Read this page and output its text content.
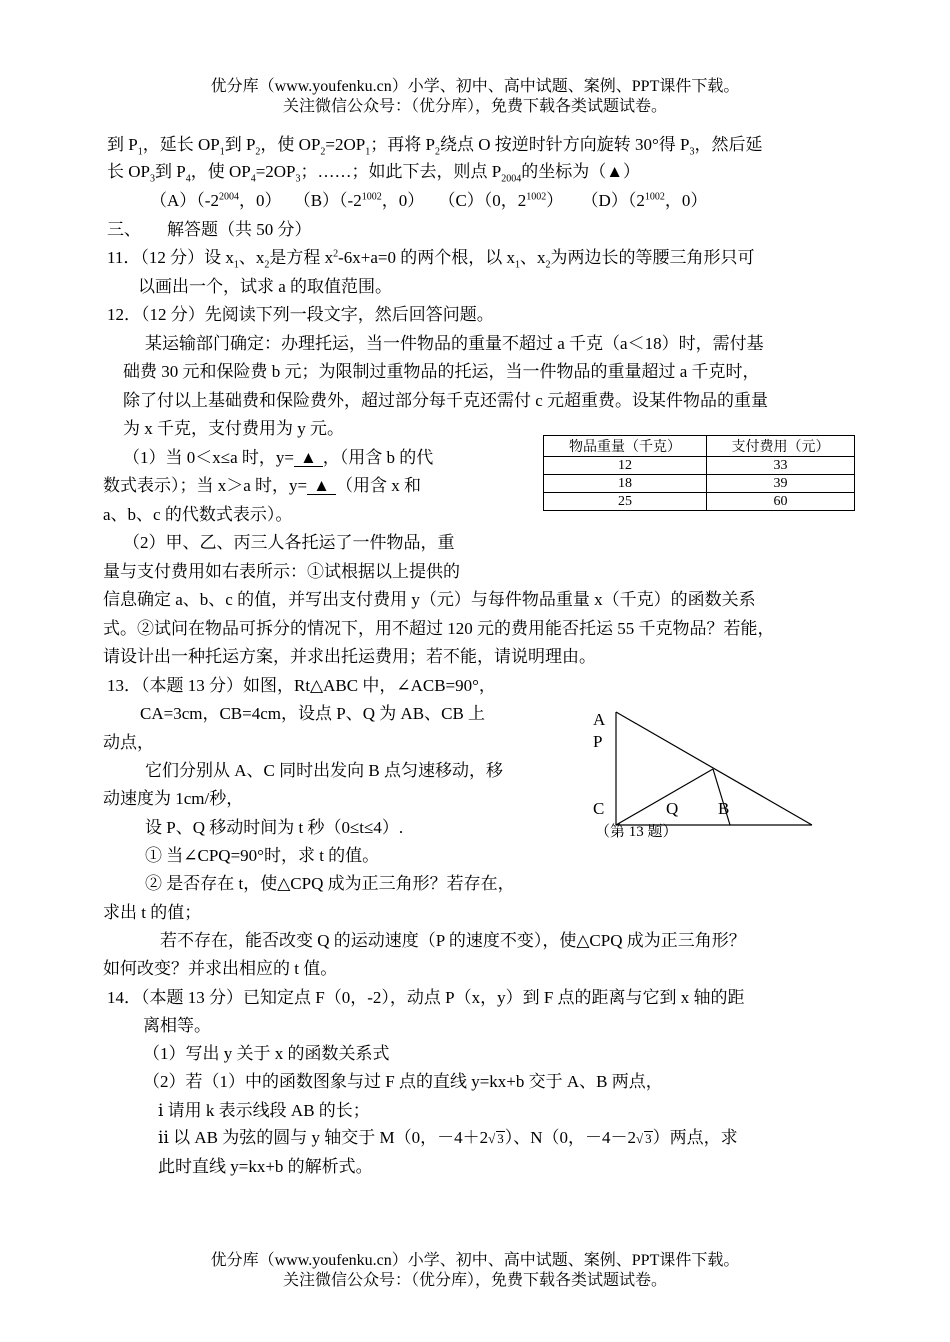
优分库（www.youfenku.cn）小学、初中、高中试题、案例、PPT课件下载。
关注微信公众号：（优分库），免费下载各类试题试卷。
到 $P_1$，延长 $OP_1$到 $P_2$，使 $OP_2=2OP_1$；再将 $P_2$绕点 O 按逆时针方向旋转 30°得 $P_3$，然后延
长 $OP_3$到 $P_4$，使 $OP_4=2OP_3$；……；如此下去，则点 $P_{2004}$的坐标为（▲）
$(A)(-2^{2004}$，0） $(B)(-2^{1002}$，0） （C）（0，$2^{1002}$） $(D)(2^{1002}$，0）
三、 解答题（共 50 分）
11．（12 分）设 $x_1$、$x_2$是方程 $x^2-6x+a=0$ 的两个根，以 $x_1$、$x_2$为两边长的等腰三角形只可
以画出一个，试求 a 的取值范围。
12．（12 分）先阅读下列一段文字，然后回答问题。
某运输部门确定：办理托运，当一件物品的重量不超过 a 千克（a＜18）时，需付基
础费 30 元和保险费 b 元；为限制过重物品的托运，当一件物品的重量超过 a 千克时，
除了付以上基础费和保险费外，超过部分每千克还需付 c 元超重费。设某件物品的重量
为 x 千克，支付费用为 y 元。
（1）当 0＜x≤a 时，y= ▲ ，（用含 b 的代
数式表示）；当 x＞a 时，y= ▲ （用含 x 和
a、b、c 的代数式表示）。
（2）甲、乙、丙三人各托运了一件物品，重
量与支付费用如右表所示：①试根据以上提供的
信息确定 a、b、c 的值，并写出支付费用 y（元）与每件物品重量 x（千克）的函数关系
式。②试问在物品可拆分的情况下，用不超过 120 元的费用能否托运 55 千克物品？若能，
请设计出一种托运方案，并求出托运费用；若不能，请说明理由。
物品重量（千克）	支付费用（元）
12	33
18	39
25	60
13．（本题 13 分）如图，Rt△ABC 中，∠ACB=90°，
CA=3cm，CB=4cm，设点 P、Q 为 AB、CB 上
动点，
它们分别从 A、C 同时出发向 B 点匀速移动，移
动速度为 1cm/秒，
设 P、Q 移动时间为 t 秒（0≤t≤4）.
① 当∠CPQ=90°时，求 t 的值。
② 是否存在 t，使△CPQ 成为正三角形？若存在，
求出 t 的值；
若不存在，能否改变 Q 的运动速度（P 的速度不变），使△CPQ 成为正三角形？
如何改变？并求出相应的 t 值。
A
P
C	Q B
（第 13 题）
14．（本题 13 分）已知定点 F（0，-2），动点 P（x，y）到 F 点的距离与它到 x 轴的距
离相等。
（1）写出 y 关于 x 的函数关系式
（2）若（1）中的函数图象与过 F 点的直线 y=kx+b 交于 A、B 两点，
ⅰ 请用 k 表示线段 AB 的长；
ⅱ 以 AB 为弦的圆与 y 轴交于 M（0，－4＋2√ 3）、N（0，－4－2√ 3）两点，求
此时直线 y=kx+b 的解析式。
优分库（www.youfenku.cn）小学、初中、高中试题、案例、PPT课件下载。
关注微信公众号：（优分库），免费下载各类试题试卷。
